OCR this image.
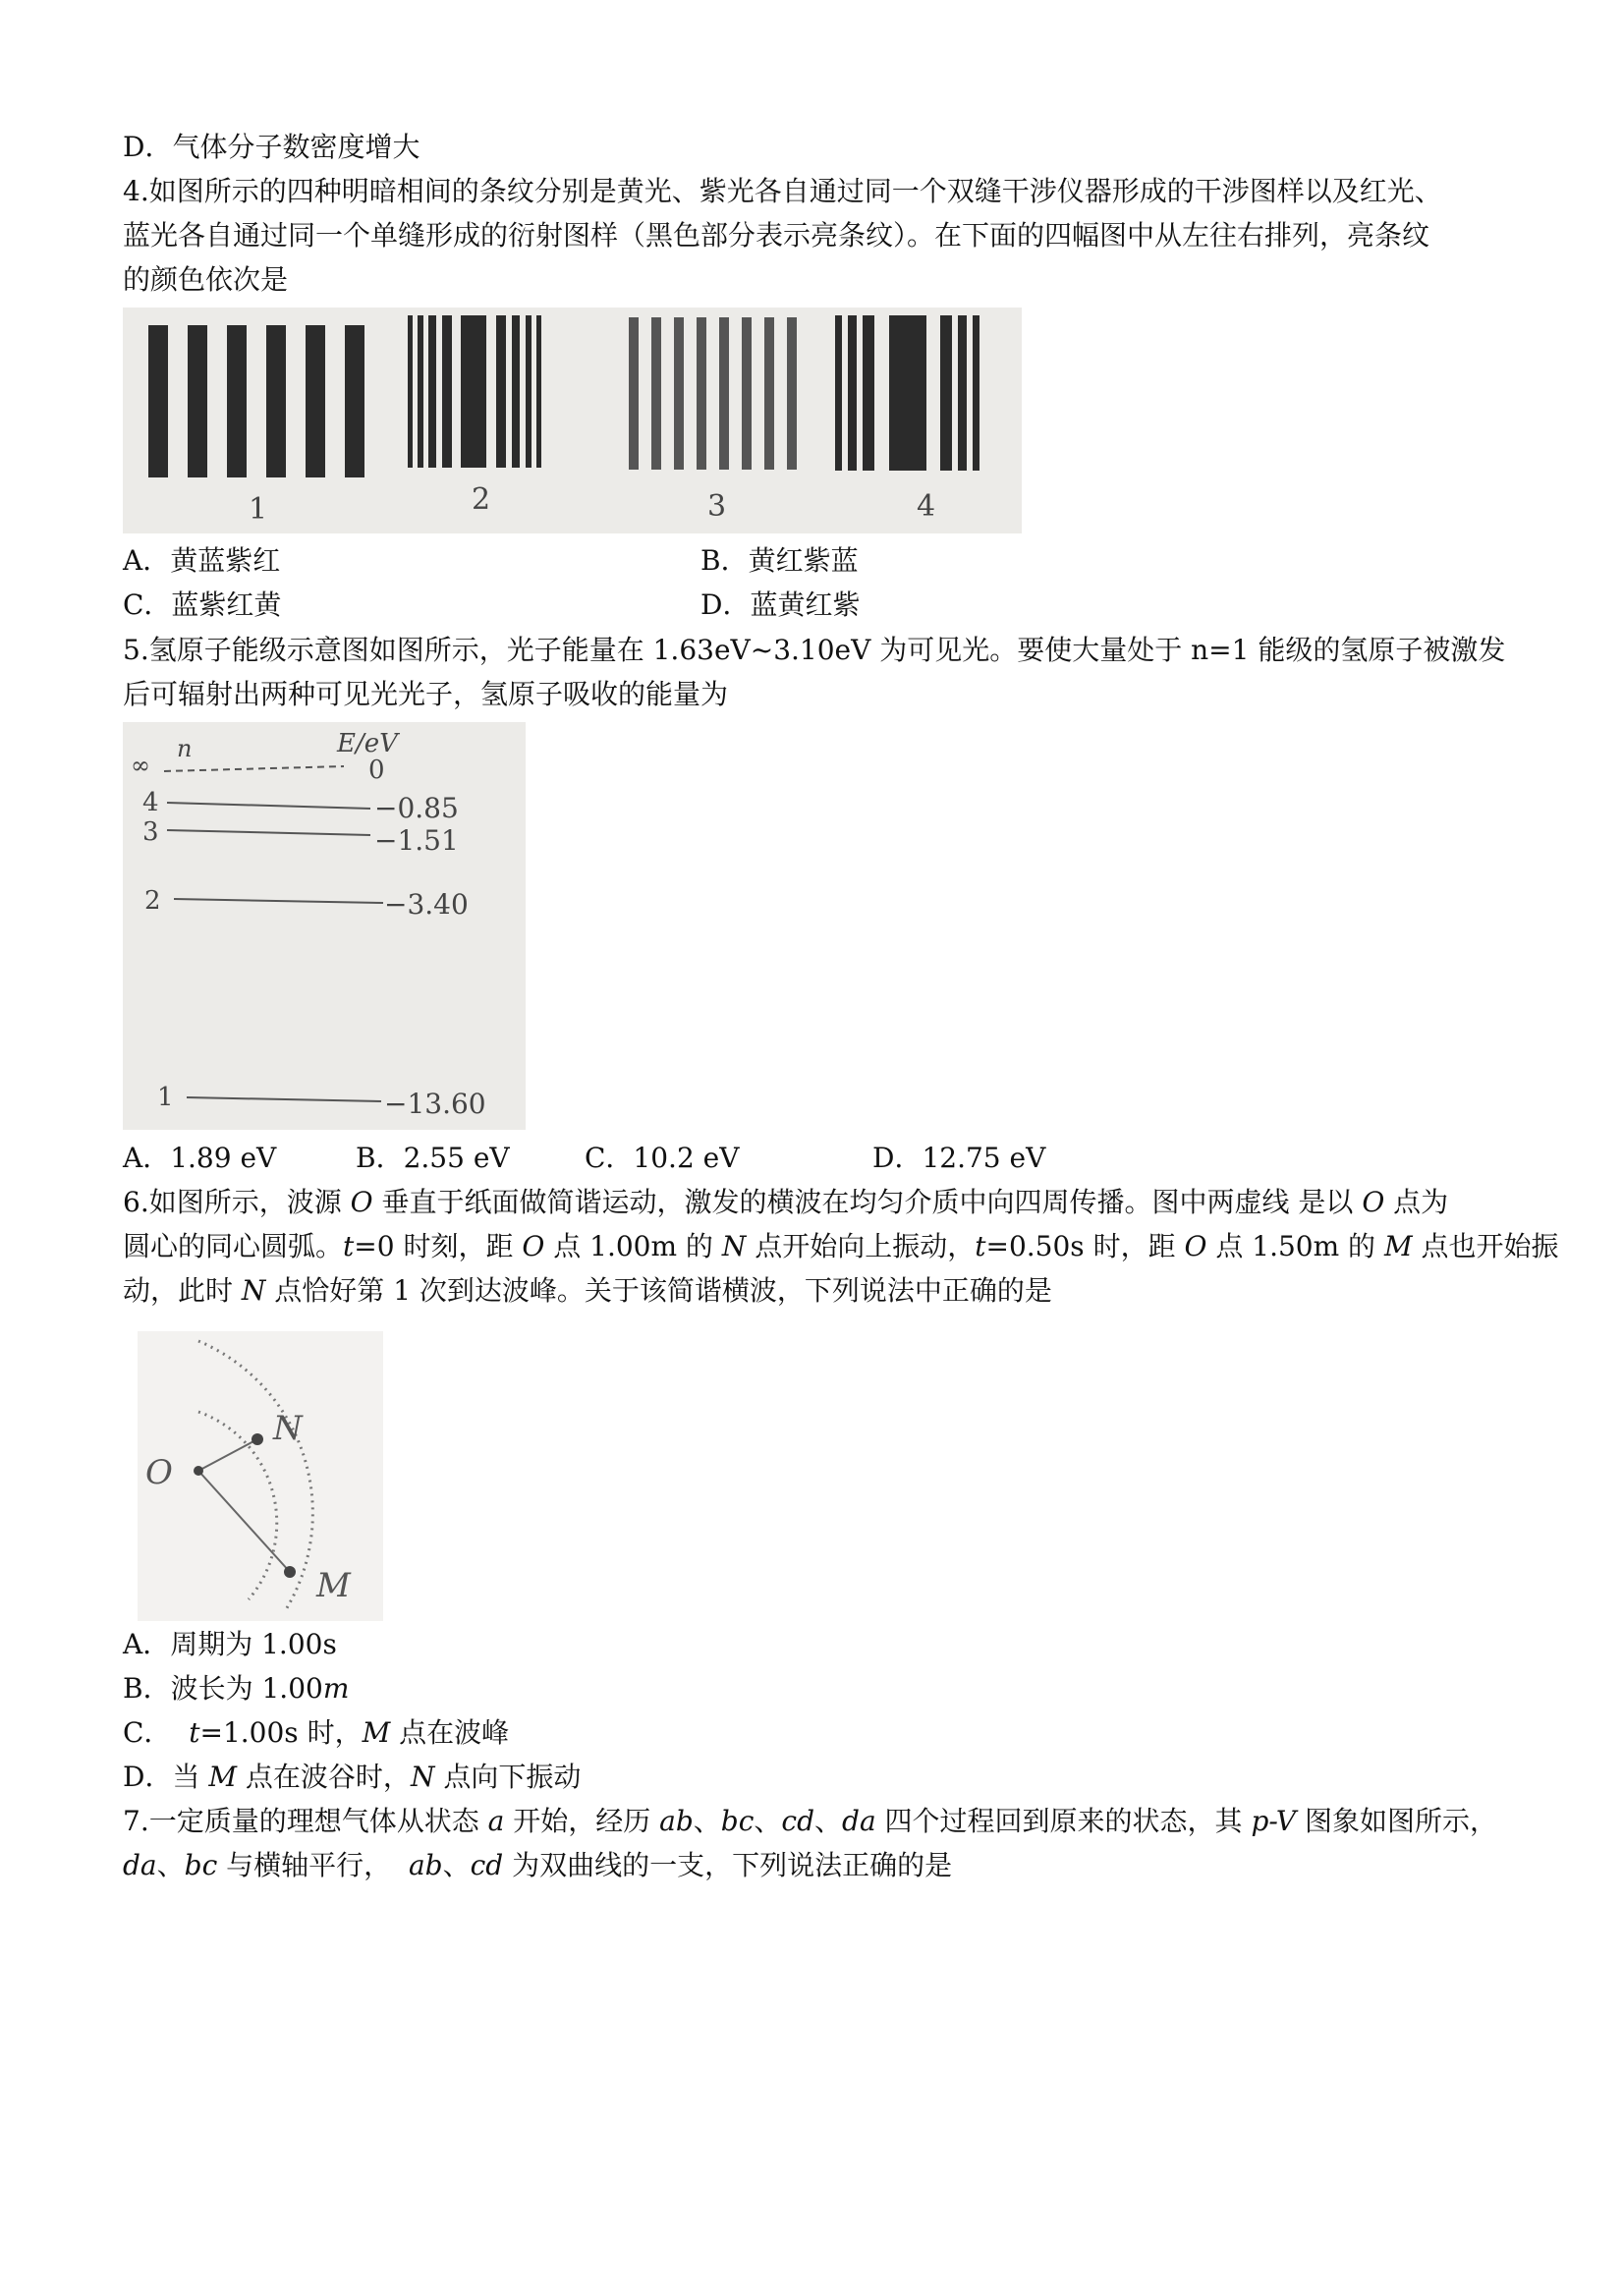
D．气体分子数密度增大
4.如图所示的四种明暗相间的条纹分别是黄光、紫光各自通过同一个双缝干涉仪器形成的干涉图样以及红光、
蓝光各自通过同一个单缝形成的衍射图样（黑色部分表示亮条纹）。在下面的四幅图中从左往右排列，亮条纹
的颜色依次是
1	2	3	4
A．黄蓝紫红	B．黄红紫蓝
C．蓝紫红黄	D．蓝黄红紫
5.氢原子能级示意图如图所示，光子能量在 1.63eV~3.10eV 为可见光。要使大量处于 n=1 能级的氢原子被激发
后可辐射出两种可见光光子，氢原子吸收的能量为
n	E/eV
∞	0
4	−0.85
3	−1.51
2	−3.40
1	−13.60
A．1.89 eV	B．2.55 eV	C．10.2 eV	D．12.75 eV
6.如图所示，波源 O 垂直于纸面做简谐运动，激发的横波在均匀介质中向四周传播。图中两虚线 是以 O 点为
圆心的同心圆弧。t=0 时刻，距 O 点 1.00m 的 N 点开始向上振动，t=0.50s 时，距 O 点 1.50m 的 M 点也开始振
动，此时 N 点恰好第 1 次到达波峰。关于该简谐横波，下列说法中正确的是
O
N
M
A．周期为 1.00s
B．波长为 1.00m
C．  t=1.00s 时，M 点在波峰
D．当 M 点在波谷时，N 点向下振动
7.一定质量的理想气体从状态 a 开始，经历 ab、bc、cd、da 四个过程回到原来的状态，其 p-V 图象如图所示，
da、bc 与横轴平行，  ab、cd 为双曲线的一支，下列说法正确的是
